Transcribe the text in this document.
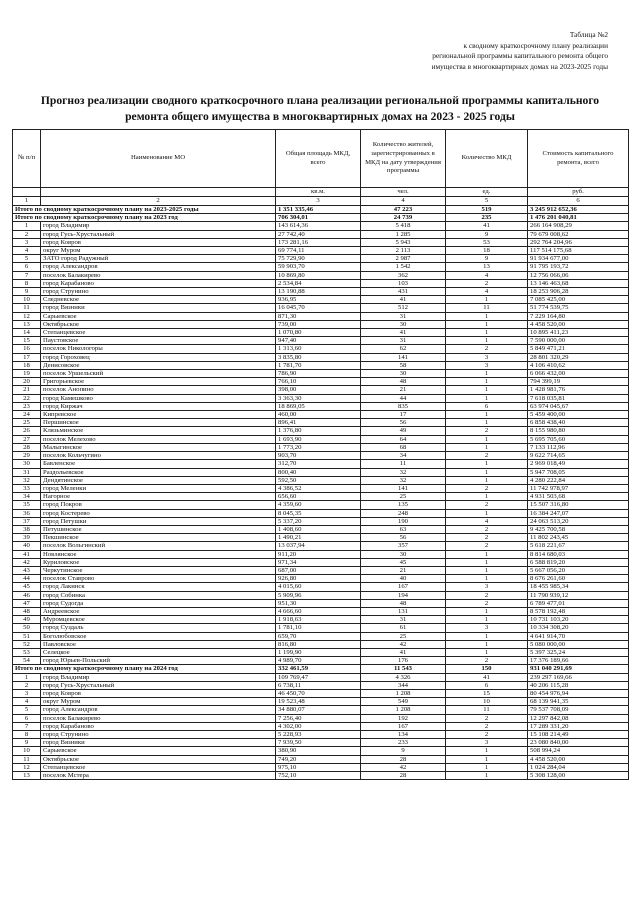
Таблица №2
к сводному краткосрочному плану реализации
региональной программы капитального ремонта общего
имущества в многоквартирных домах на 2023-2025 годы
Прогноз реализации сводного краткосрочного плана реализации региональной программы капитального
ремонта общего имущества в многоквартирных домах на 2023 - 2025 годы
№ п/п	Наименование МО	Общая площадь МКД, всего	Количество жителей, зарегистрированных в МКД на дату утверждения программы	Количество МКД	Стоимость капитального ремонта, всего
		кв.м.	чел.	ед.	руб.
1	2	3	4	5	6
Итого по сводному краткосрочному плану на 2023-2025 годы		1 351 335,46	47 223	519	3 245 912 652,36
Итого по сводному краткосрочному плану на 2023 год		706 304,01	24 739	235	1 476 201 040,81
1	город Владимир	143 614,36	5 418	41	266 164 908,29
2	город Гусь-Хрустальный	27 742,40	1 285	9	79 679 008,62
3	город Ковров	173 281,16	5 943	53	292 764 204,96
4	округ Муром	69 774,11	2 113	18	117 514 175,68
5	ЗАТО город Радужный	75 729,90	2 987	9	91 934 677,00
6	город Александров	59 903,70	1 542	13	91 795 193,72
7	поселок Балакирево	10 869,80	362	4	12 756 066,06
8	город Карабаново	2 534,84	103	2	13 146 463,68
9	город Струнино	13 190,88	431	4	18 253 906,28
10	Следневское	936,95	41	1	7 085 425,00
11	город Вязники	16 045,70	512	11	51 774 539,75
12	Сарыевское	871,30	31	1	7 229 164,80
13	Октябрьское	739,00	30	1	4 458 520,00
14	Степанцевское	1 070,80	41	1	10 895 411,23
15	Паустовское	947,40	31	1	7 590 000,00
16	поселок Никологоры	1 313,60	62	2	5 849 471,21
17	город Гороховец	3 835,80	141	3	28 801 320,29
18	Денисовское	1 781,70	58	3	4 106 410,62
19	поселок Уршельский	786,90	30	1	6 066 432,00
20	Григорьевское	766,10	48	1	794 399,19
21	поселок Анопино	398,00	21	1	1 428 981,76
22	город Камешково	3 363,30	44	1	7 618 035,81
23	город Киржач	18 869,05	835	6	63 974 045,67
24	Кипревское	460,00	17	1	5 459 400,00
25	Першинское	896,41	56	1	6 858 438,40
26	Клязьминское	1 376,80	49	2	8 155 980,80
27	поселок Мелехово	1 693,90	64	1	5 695 705,60
28	Малыгинское	1 773,20	68	1	7 133 112,96
29	поселок Кольчугино	903,70	34	2	9 622 714,65
30	Бавленское	312,70	11	1	2 969 018,49
31	Раздольевское	800,40	32	1	5 947 708,05
32	Дендятинское	592,50	32	1	4 280 222,84
33	город Меленки	4 386,52	141	2	11 742 978,97
34	Нагорное	656,60	25	1	4 931 503,68
35	город Покров	4 359,60	135	2	15 507 316,80
36	город Костерево	8 045,35	248	1	16 384 247,07
37	город Петушки	5 337,20	190	4	24 063 513,20
38	Петушинское	1 408,60	63	2	9 425 700,58
39	Пекшинское	1 490,21	56	2	11 802 243,45
40	поселок Вольгинский	13 037,94	357	2	5 618 221,67
41	Новлянское	911,20	30	1	8 814 680,03
42	Куриловское	971,34	45	1	6 588 819,20
43	Черкутинское	687,00	21	1	5 667 056,20
44	поселок Ставрово	926,80	40	1	8 676 261,60
45	город Лакинск	4 015,60	167	3	18 455 985,34
46	город Собинка	5 909,96	194	2	11 790 939,12
47	город Судогда	951,30	48	2	6 789 477,01
48	Андреевское	4 666,60	131	1	8 578 192,48
49	Муромцевское	1 918,63	31	1	10 731 103,20
50	город Суздаль	1 781,10	61	3	10 334 308,20
51	Боголюбовское	659,70	25	1	4 641 914,70
52	Павловское	816,80	42	1	5 080 000,00
53	Селецкое	1 199,90	41	1	5 397 325,24
54	город Юрьев-Польский	4 989,70	176	2	17 376 189,66
Итого по сводному краткосрочному плану на 2024 год		332 461,59	11 543	150	931 040 291,69
1	город Владимир	109 769,47	4 326	41	239 297 169,66
2	город Гусь-Хрустальный	6 738,11	344	6	40 206 115,28
3	город Ковров	46 450,70	1 208	15	80 454 976,94
4	округ Муром	19 523,48	549	10	68 139 941,35
5	город Александров	34 880,07	1 208	11	79 537 708,09
6	поселок Балакирево	7 256,40	192	2	12 297 842,08
7	город Карабаново	4 302,00	167	2	17 289 331,20
8	город Струнино	5 228,93	134	2	15 108 214,49
9	город Вязники	7 939,50	233	3	23 080 840,00
10	Сарыевское	380,90	9	1	508 994,24
11	Октябрьское	749,20	28	1	4 458 520,00
12	Степанцевское	975,10	42	1	1 024 284,04
13	поселок Мстера	752,10	28	1	5 308 128,00
